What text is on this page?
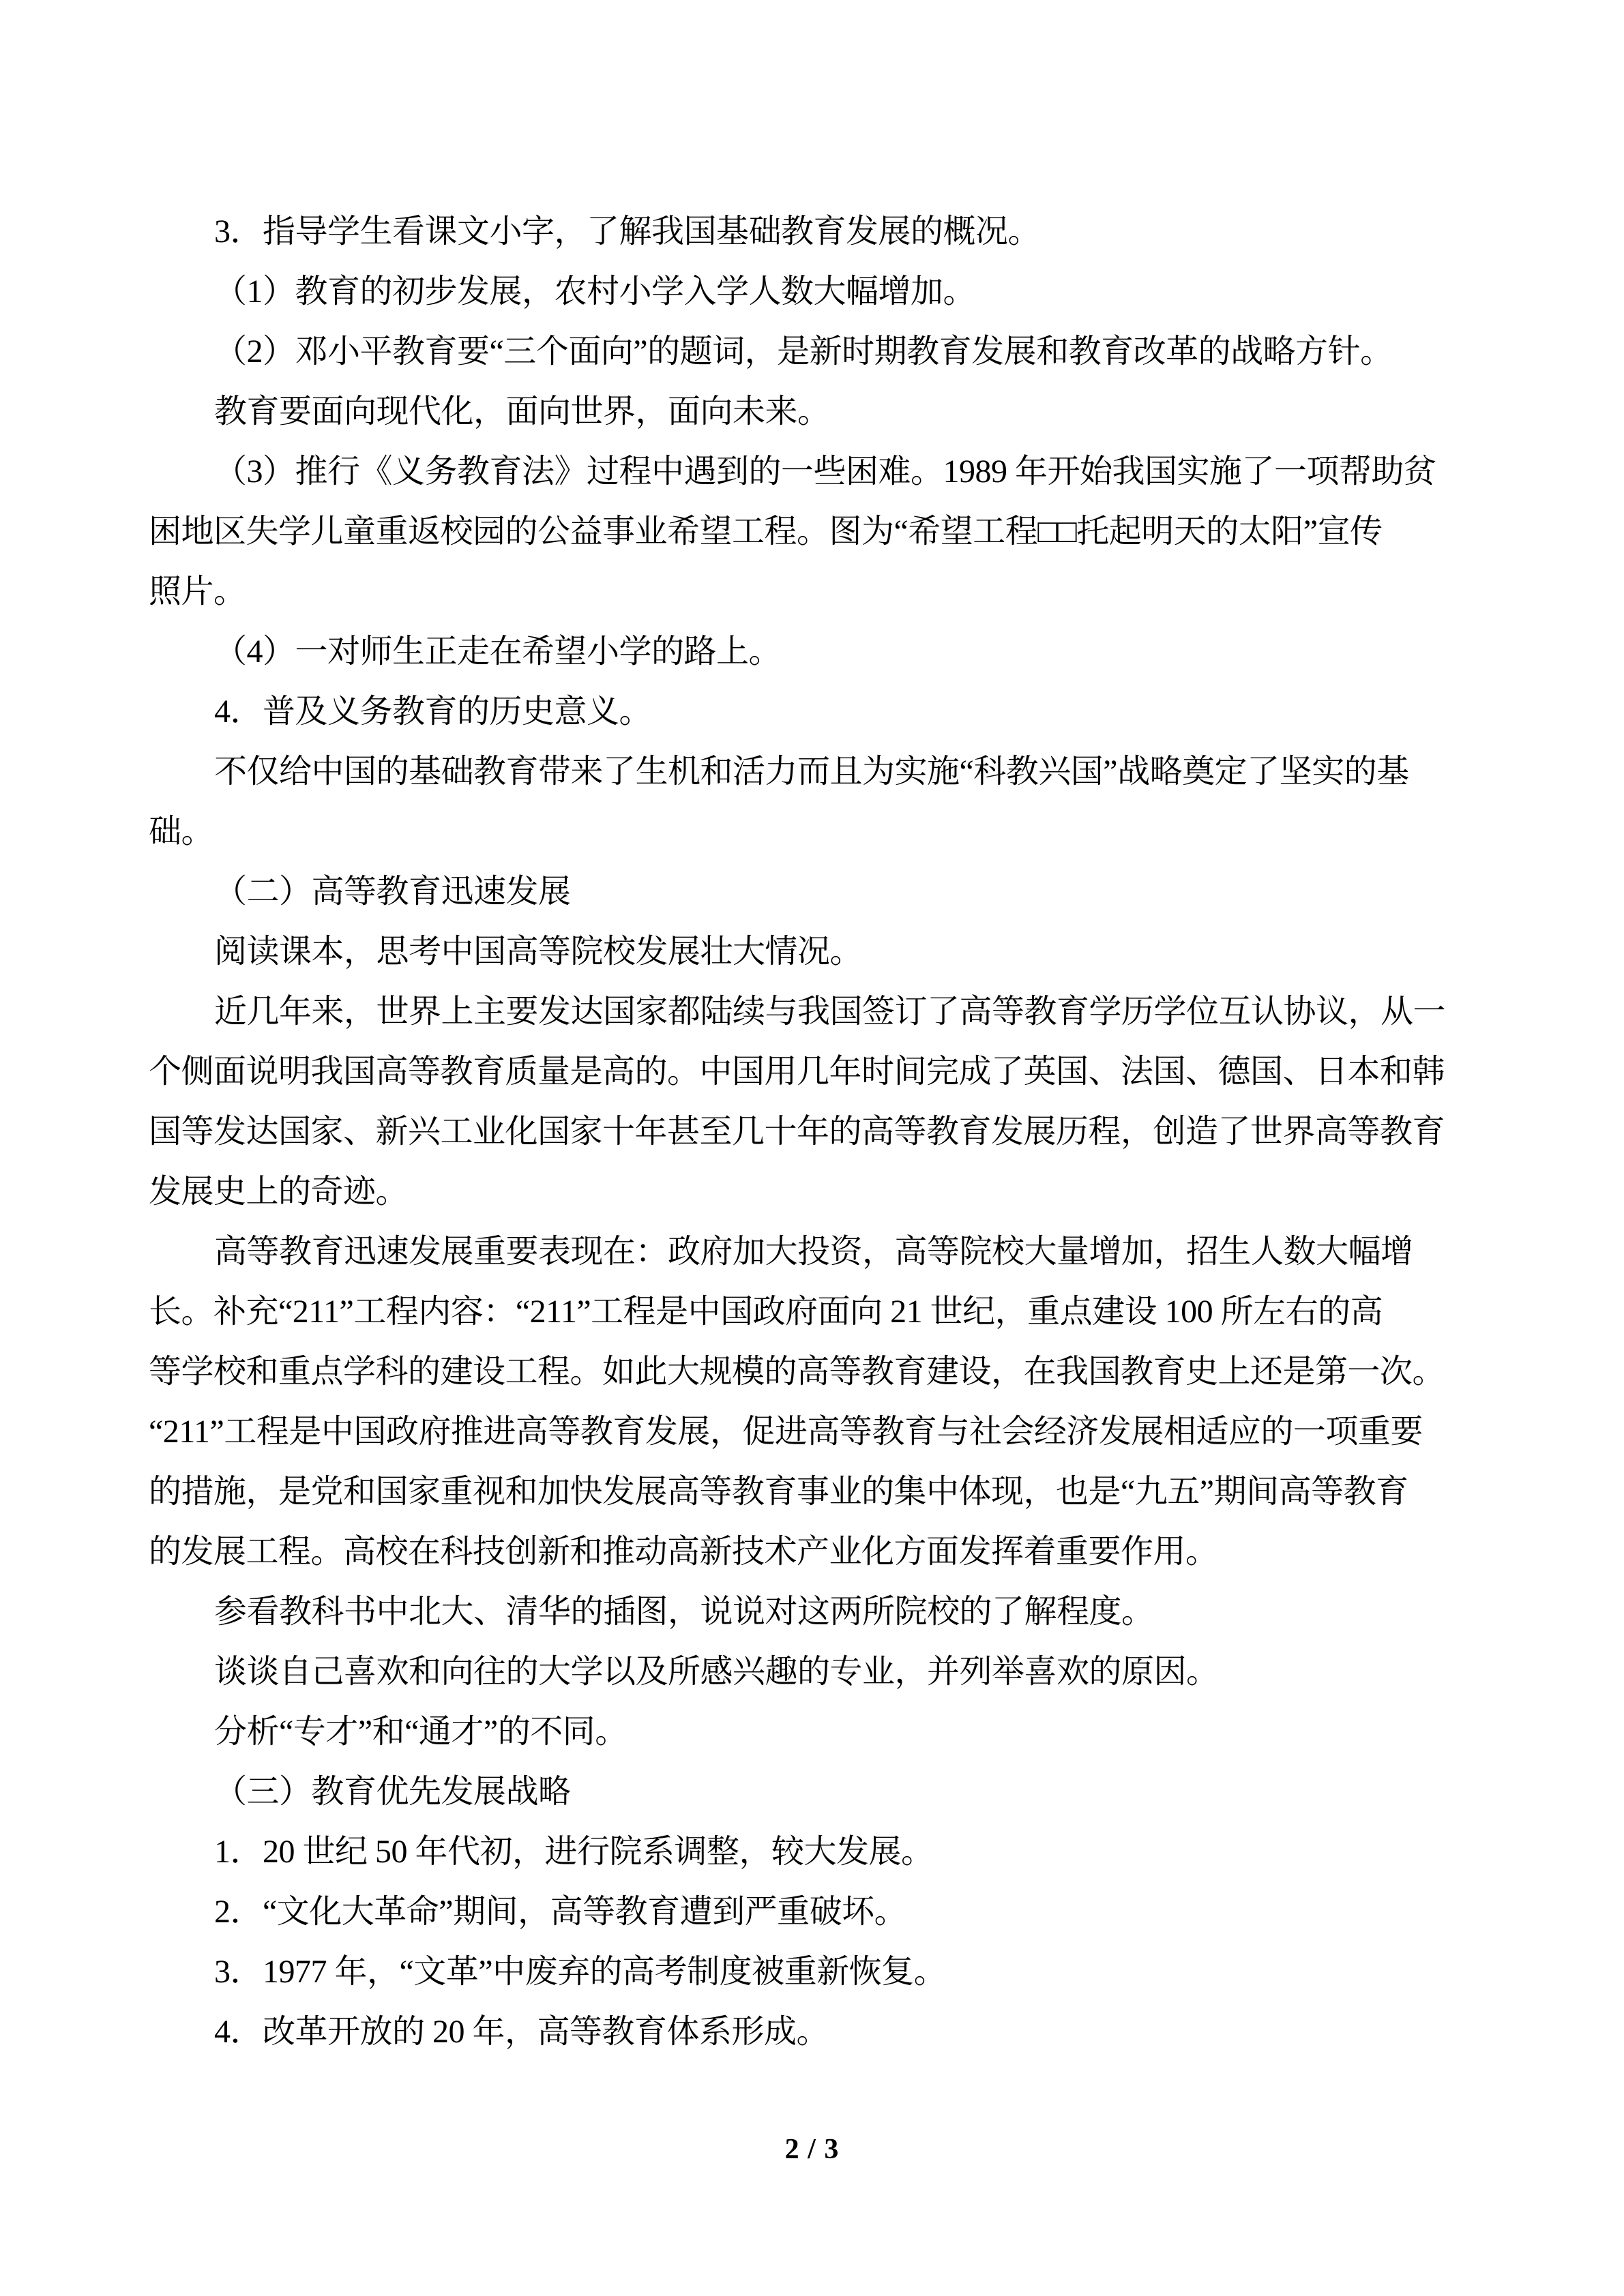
3．指导学生看课文小字，了解我国基础教育发展的概况。
（1）教育的初步发展，农村小学入学人数大幅增加。
（2）邓小平教育要“三个面向”的题词，是新时期教育发展和教育改革的战略方针。
教育要面向现代化，面向世界，面向未来。
（3）推行《义务教育法》过程中遇到的一些困难。1989 年开始我国实施了一项帮助贫
困地区失学儿童重返校园的公益事业希望工程。图为“希望工程□□托起明天的太阳”宣传
照片。
（4）一对师生正走在希望小学的路上。
4．普及义务教育的历史意义。
不仅给中国的基础教育带来了生机和活力而且为实施“科教兴国”战略奠定了坚实的基
础。
（二）高等教育迅速发展
阅读课本，思考中国高等院校发展壮大情况。
近几年来，世界上主要发达国家都陆续与我国签订了高等教育学历学位互认协议，从一
个侧面说明我国高等教育质量是高的。中国用几年时间完成了英国、法国、德国、日本和韩
国等发达国家、新兴工业化国家十年甚至几十年的高等教育发展历程，创造了世界高等教育
发展史上的奇迹。
高等教育迅速发展重要表现在：政府加大投资，高等院校大量增加，招生人数大幅增
长。补充“211”工程内容：“211”工程是中国政府面向 21 世纪，重点建设 100 所左右的高
等学校和重点学科的建设工程。如此大规模的高等教育建设，在我国教育史上还是第一次。
“211”工程是中国政府推进高等教育发展，促进高等教育与社会经济发展相适应的一项重要
的措施，是党和国家重视和加快发展高等教育事业的集中体现，也是“九五”期间高等教育
的发展工程。高校在科技创新和推动高新技术产业化方面发挥着重要作用。
参看教科书中北大、清华的插图，说说对这两所院校的了解程度。
谈谈自己喜欢和向往的大学以及所感兴趣的专业，并列举喜欢的原因。
分析“专才”和“通才”的不同。
（三）教育优先发展战略
1．20 世纪 50 年代初，进行院系调整，较大发展。
2．“文化大革命”期间，高等教育遭到严重破坏。
3．1977 年，“文革”中废弃的高考制度被重新恢复。
4．改革开放的 20 年，高等教育体系形成。
2 / 3
